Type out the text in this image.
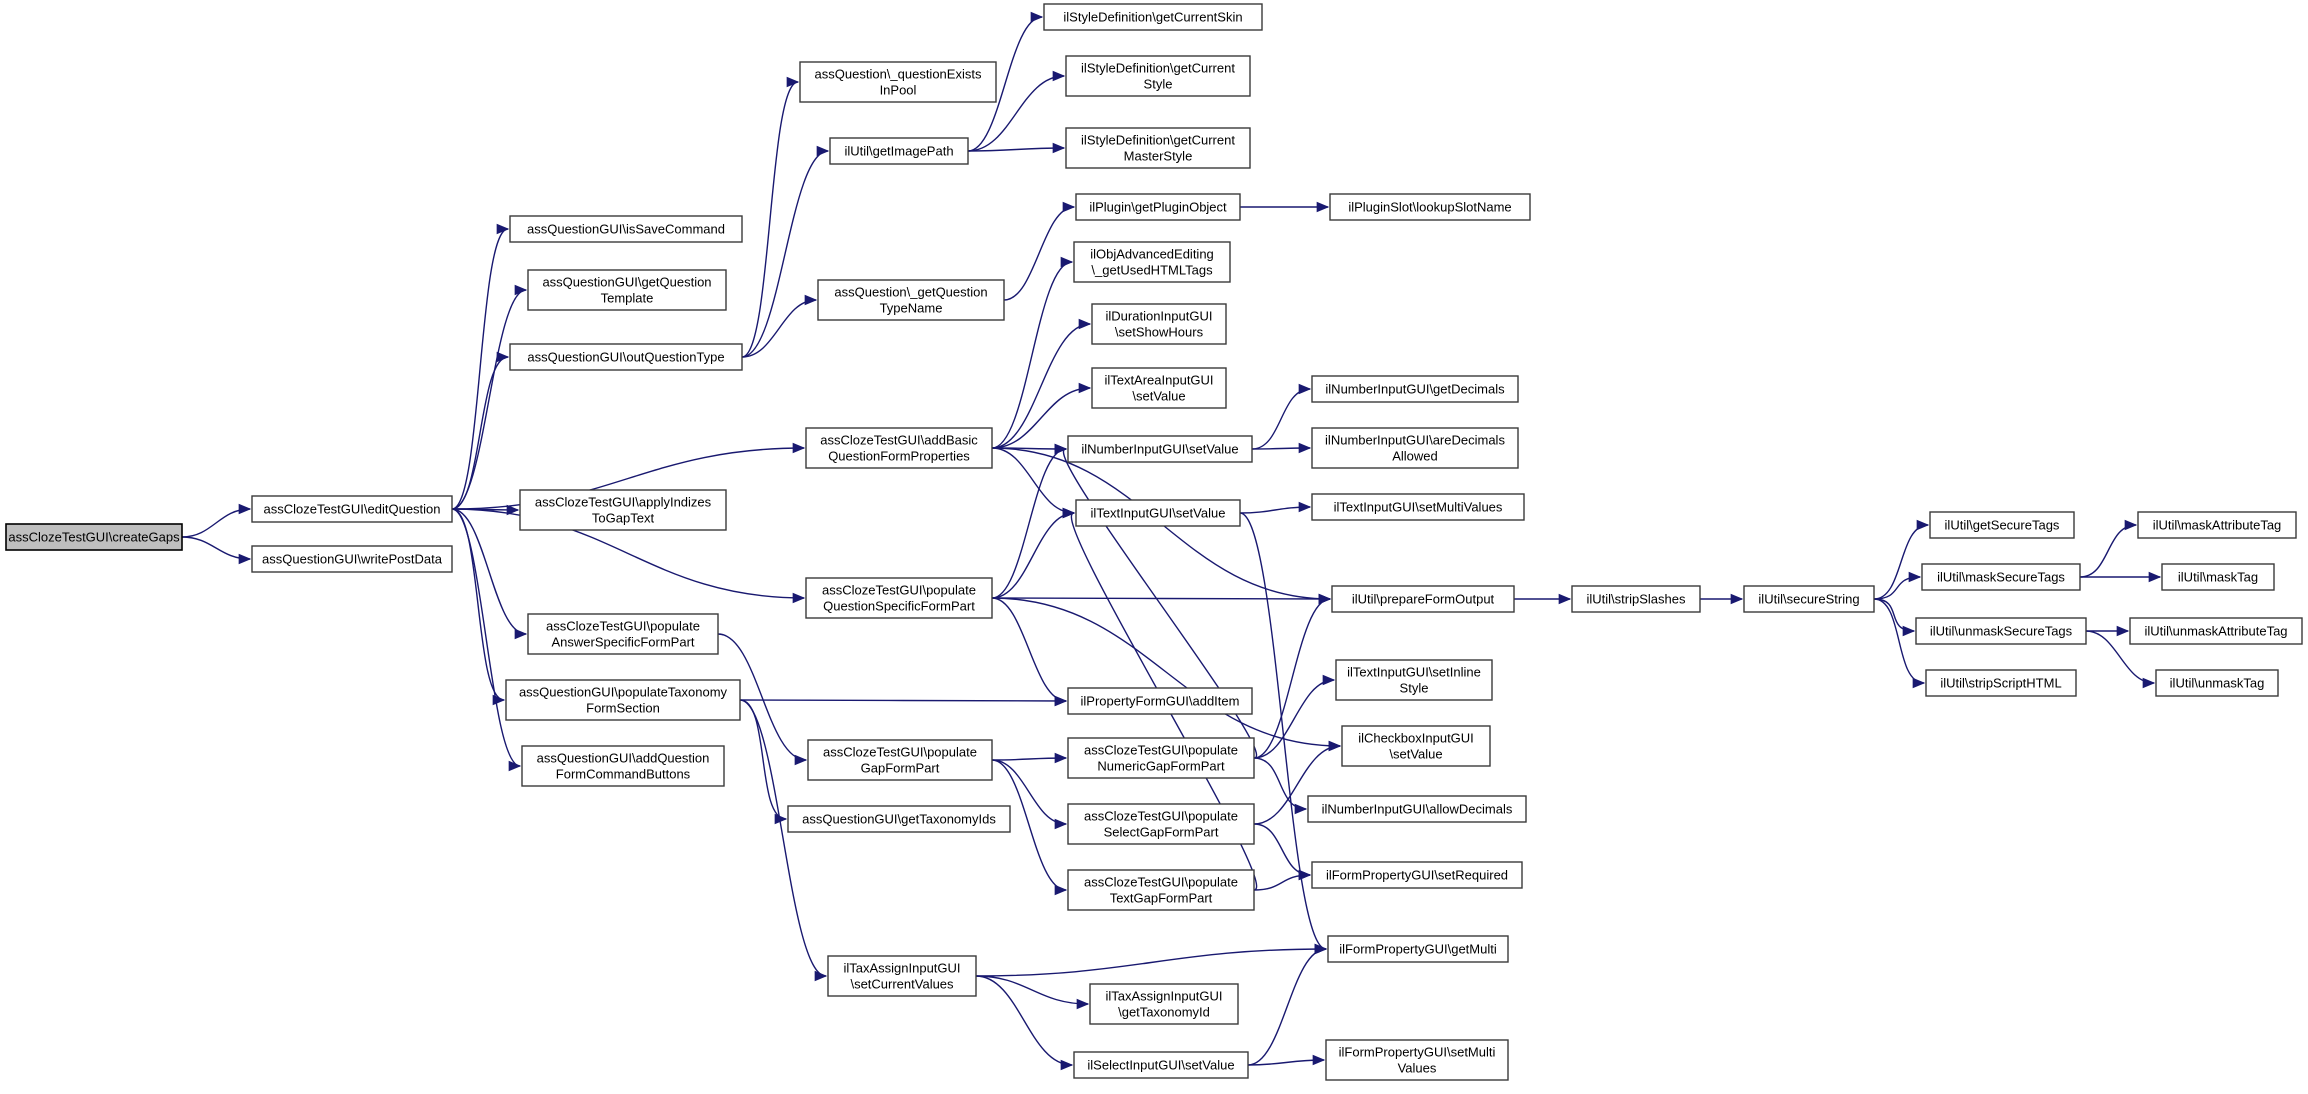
assClozeTestGUI\createGaps
assClozeTestGUI\editQuestion
assQuestionGUI\writePostData
assQuestionGUI\isSaveCommand
assQuestionGUI\getQuestion Template
assQuestionGUI\outQuestionType
assClozeTestGUI\applyIndizes ToGapText
assClozeTestGUI\populate AnswerSpecificFormPart
assQuestionGUI\populateTaxonomy FormSection
assQuestionGUI\addQuestion FormCommandButtons
assQuestion\_questionExists InPool
ilUtil\getImagePath
assQuestion\_getQuestion TypeName
assClozeTestGUI\addBasic QuestionFormProperties
assClozeTestGUI\populate QuestionSpecificFormPart
assClozeTestGUI\populate GapFormPart
assQuestionGUI\getTaxonomyIds
ilTaxAssignInputGUI \setCurrentValues
ilStyleDefinition\getCurrentSkin
ilStyleDefinition\getCurrent Style
ilStyleDefinition\getCurrent MasterStyle
ilPlugin\getPluginObject
ilObjAdvancedEditing \_getUsedHTMLTags
ilDurationInputGUI \setShowHours
ilTextAreaInputGUI \setValue
ilNumberInputGUI\setValue
ilTextInputGUI\setValue
ilPropertyFormGUI\addItem
assClozeTestGUI\populate NumericGapFormPart
assClozeTestGUI\populate SelectGapFormPart
assClozeTestGUI\populate TextGapFormPart
ilTaxAssignInputGUI \getTaxonomyId
ilSelectInputGUI\setValue
ilPluginSlot\lookupSlotName
ilNumberInputGUI\getDecimals
ilNumberInputGUI\areDecimals Allowed
ilTextInputGUI\setMultiValues
ilUtil\prepareFormOutput
ilTextInputGUI\setInline Style
ilCheckboxInputGUI \setValue
ilNumberInputGUI\allowDecimals
ilFormPropertyGUI\setRequired
ilFormPropertyGUI\getMulti
ilFormPropertyGUI\setMulti Values
ilUtil\stripSlashes	ilUtil\secureString
ilUtil\getSecureTags
ilUtil\maskSecureTags
ilUtil\unmaskSecureTags
ilUtil\stripScriptHTML
ilUtil\maskAttributeTag
ilUtil\maskTag
ilUtil\unmaskAttributeTag
ilUtil\unmaskTag
